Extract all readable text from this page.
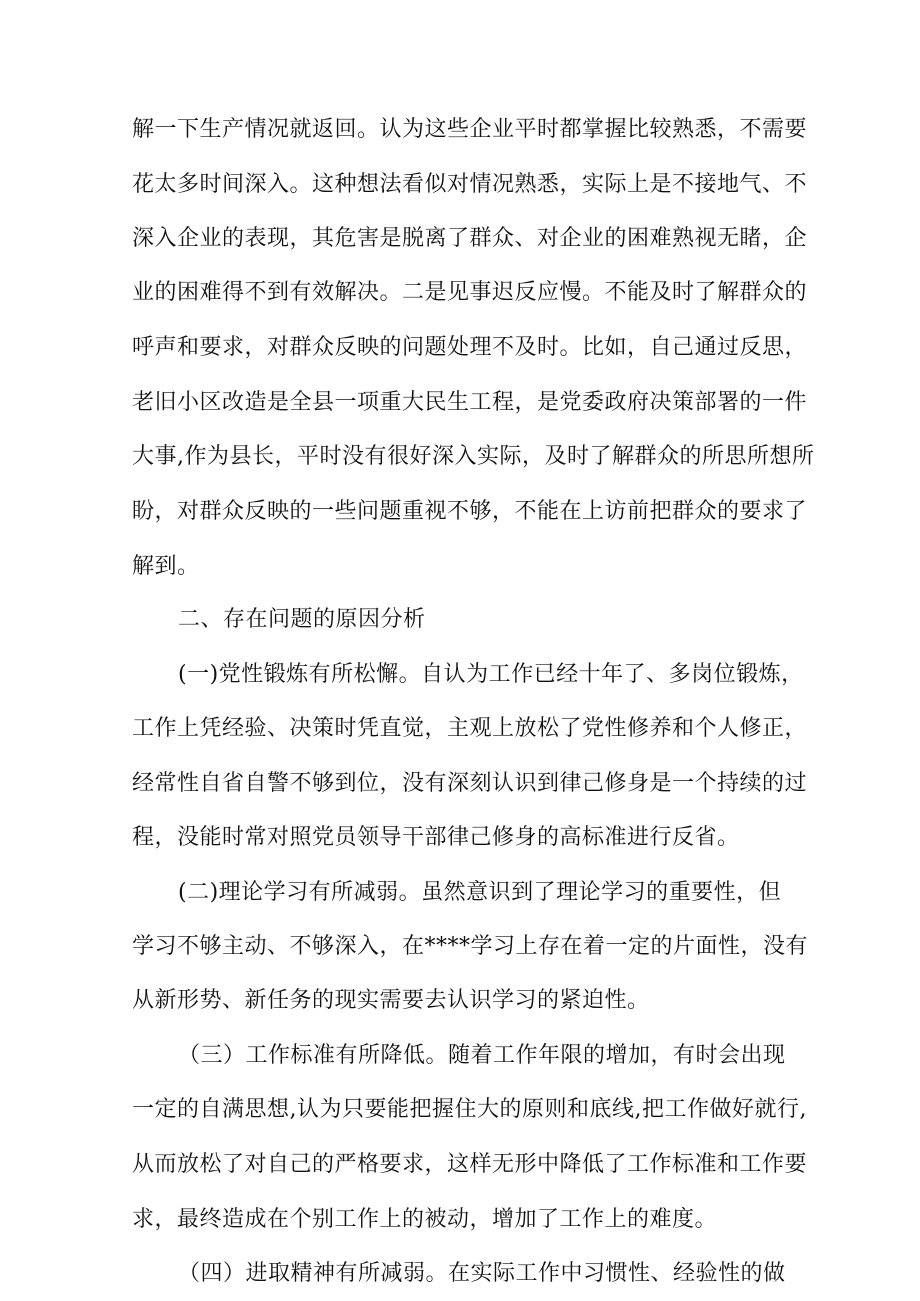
解一下生产情况就返回。认为这些企业平时都掌握比较熟悉，不需要
花太多时间深入。这种想法看似对情况熟悉，实际上是不接地气、不
深入企业的表现，其危害是脱离了群众、对企业的困难熟视无睹，企
业的困难得不到有效解决。二是见事迟反应慢。不能及时了解群众的
呼声和要求，对群众反映的问题处理不及时。比如，自己通过反思，
老旧小区改造是全县一项重大民生工程，是党委政府决策部署的一件
大事,作为县长，平时没有很好深入实际，及时了解群众的所思所想所
盼，对群众反映的一些问题重视不够，不能在上访前把群众的要求了
解到。
二、存在问题的原因分析
(一)党性锻炼有所松懈。自认为工作已经十年了、多岗位锻炼，
工作上凭经验、决策时凭直觉，主观上放松了党性修养和个人修正，
经常性自省自警不够到位，没有深刻认识到律己修身是一个持续的过
程，没能时常对照党员领导干部律己修身的高标准进行反省。
(二)理论学习有所减弱。虽然意识到了理论学习的重要性，但
学习不够主动、不够深入，在****学习上存在着一定的片面性，没有
从新形势、新任务的现实需要去认识学习的紧迫性。
（三）工作标准有所降低。随着工作年限的增加，有时会出现
一定的自满思想,认为只要能把握住大的原则和底线,把工作做好就行,
从而放松了对自己的严格要求，这样无形中降低了工作标准和工作要
求，最终造成在个别工作上的被动，增加了工作上的难度。
（四）进取精神有所减弱。在实际工作中习惯性、经验性的做
